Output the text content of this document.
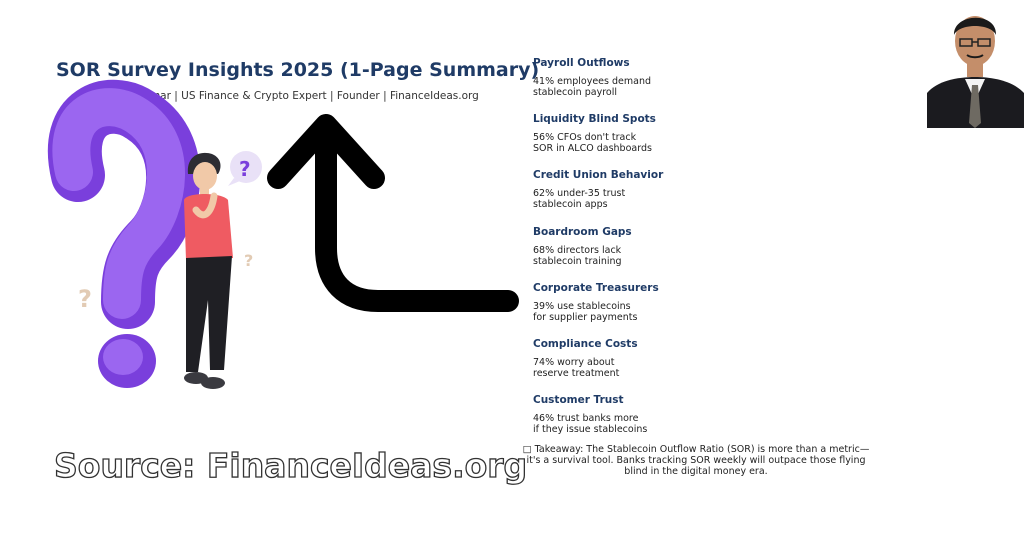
SOR Survey Insights 2025 (1-Page Summary)
By Tapos Kumar | US Finance & Crypto Expert | Founder | FinanceIdeas.org
?
?
?
Payroll Outflows
41% employees demand
stablecoin payroll
Liquidity Blind Spots
56% CFOs don't track
SOR in ALCO dashboards
Credit Union Behavior
62% under-35 trust
stablecoin apps
Boardroom Gaps
68% directors lack
stablecoin training
Corporate Treasurers
39% use stablecoins
for supplier payments
Compliance Costs
74% worry about
reserve treatment
Customer Trust
46% trust banks more
if they issue stablecoins
□ Takeaway: The Stablecoin Outflow Ratio (SOR) is more than a metric— it's a survival tool. Banks tracking SOR weekly will outpace those flying blind in the digital money era.
Source: FinanceIdeas.org
